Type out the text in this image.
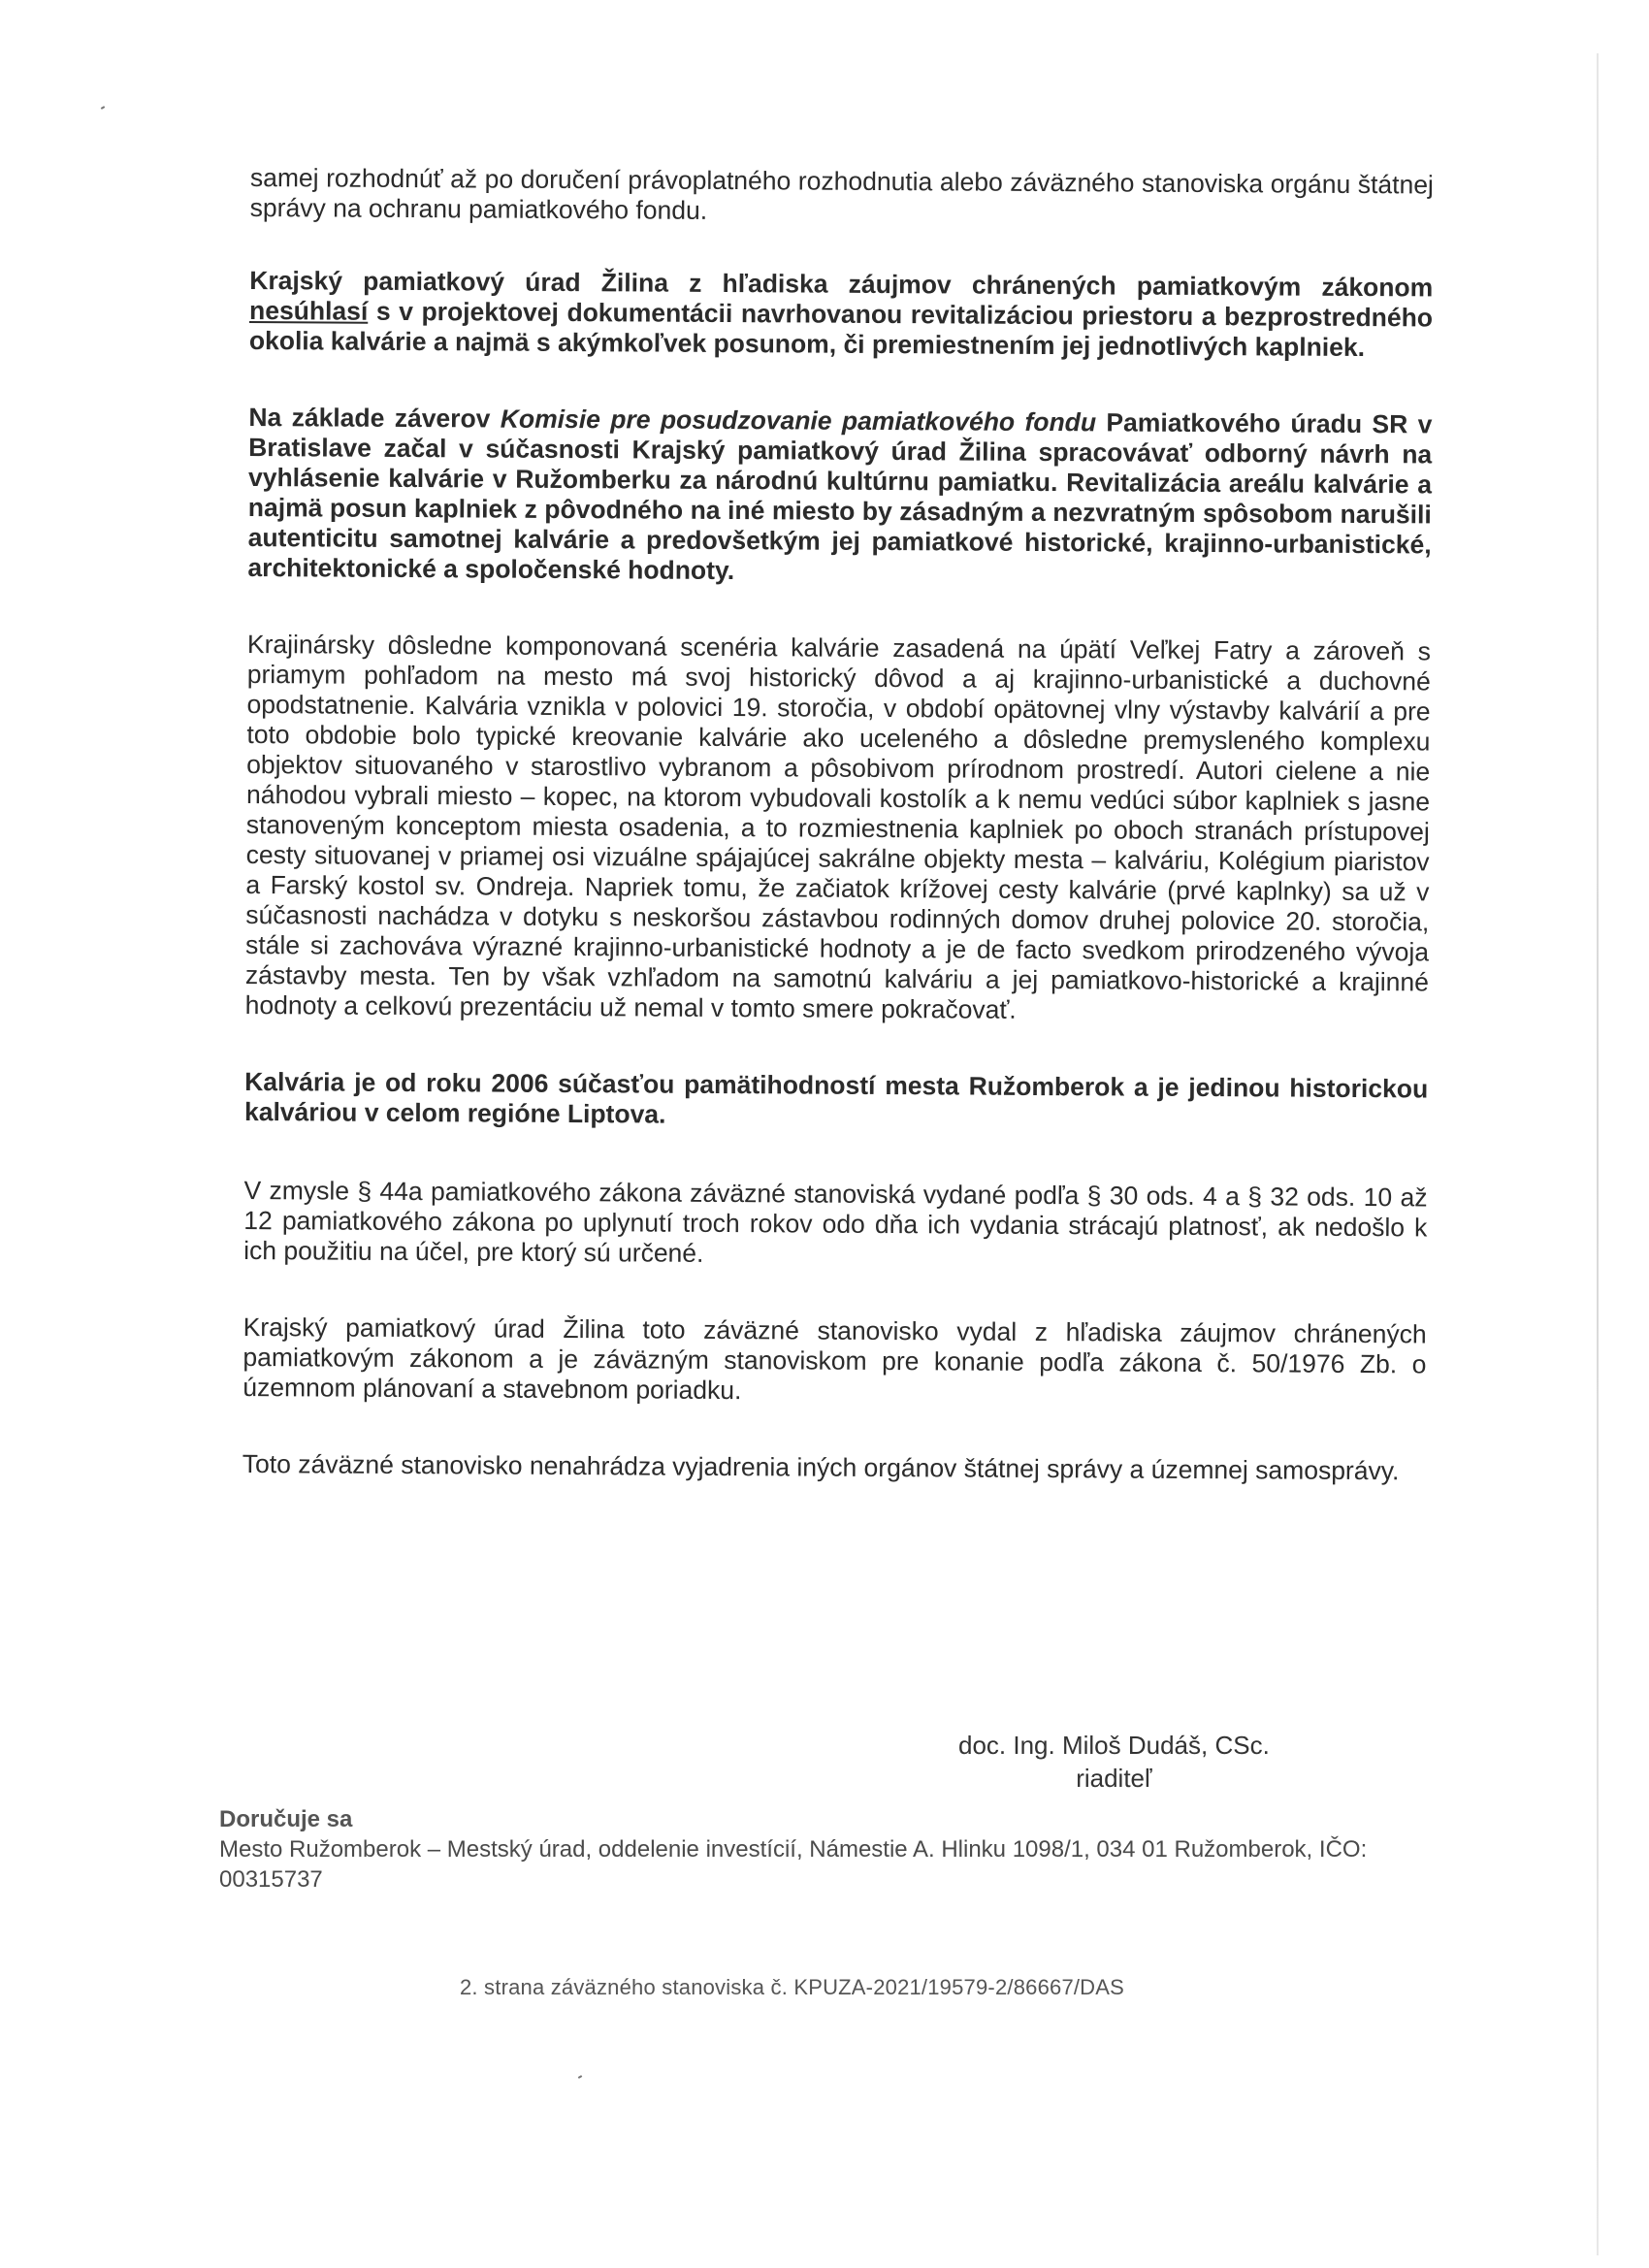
samej rozhodnúť až po doručení právoplatného rozhodnutia alebo záväzného stanoviska orgánu štátnej správy na ochranu pamiatkového fondu.

Krajský pamiatkový úrad Žilina z hľadiska záujmov chránených pamiatkovým zákonom nesúhlasí s v projektovej dokumentácii navrhovanou revitalizáciou priestoru a bezprostredného okolia kalvárie a najmä s akýmkoľvek posunom, či premiestnením jej jednotlivých kaplniek.

Na základe záverov Komisie pre posudzovanie pamiatkového fondu Pamiatkového úradu SR v Bratislave začal v súčasnosti Krajský pamiatkový úrad Žilina spracovávať odborný návrh na vyhlásenie kalvárie v Ružomberku za národnú kultúrnu pamiatku. Revitalizácia areálu kalvárie a najmä posun kaplniek z pôvodného na iné miesto by zásadným a nezvratným spôsobom narušili autenticitu samotnej kalvárie a predovšetkým jej pamiatkové historické, krajinno-urbanistické, architektonické a spoločenské hodnoty.

Krajinársky dôsledne komponovaná scenéria kalvárie zasadená na úpätí Veľkej Fatry a zároveň s priamym pohľadom na mesto má svoj historický dôvod a aj krajinno-urbanistické a duchovné opodstatnenie. Kalvária vznikla v polovici 19. storočia, v období opätovnej vlny výstavby kalvárií a pre toto obdobie bolo typické kreovanie kalvárie ako uceleného a dôsledne premysleného komplexu objektov situovaného v starostlivo vybranom a pôsobivom prírodnom prostredí. Autori cielene a nie náhodou vybrali miesto – kopec, na ktorom vybudovali kostolík a k nemu vedúci súbor kaplniek s jasne stanoveným konceptom miesta osadenia, a to rozmiestnenia kaplniek po oboch stranách prístupovej cesty situovanej v priamej osi vizuálne spájajúcej sakrálne objekty mesta – kalváriu, Kolégium piaristov a Farský kostol sv. Ondreja. Napriek tomu, že začiatok krížovej cesty kalvárie (prvé kaplnky) sa už v súčasnosti nachádza v dotyku s neskoršou zástavbou rodinných domov druhej polovice 20. storočia, stále si zachováva výrazné krajinno-urbanistické hodnoty a je de facto svedkom prirodzeného vývoja zástavby mesta. Ten by však vzhľadom na samotnú kalváriu a jej pamiatkovo-historické a krajinné hodnoty a celkovú prezentáciu už nemal v tomto smere pokračovať.

Kalvária je od roku 2006 súčasťou pamätihodností mesta Ružomberok a je jedinou historickou kalváriou v celom regióne Liptova.

V zmysle § 44a pamiatkového zákona záväzné stanoviská vydané podľa § 30 ods. 4 a § 32 ods. 10 až 12 pamiatkového zákona po uplynutí troch rokov odo dňa ich vydania strácajú platnosť, ak nedošlo k ich použitiu na účel, pre ktorý sú určené.

Krajský pamiatkový úrad Žilina toto záväzné stanovisko vydal z hľadiska záujmov chránených pamiatkovým zákonom a je záväzným stanoviskom pre konanie podľa zákona č. 50/1976 Zb. o územnom plánovaní a stavebnom poriadku.

Toto záväzné stanovisko nenahrádza vyjadrenia iných orgánov štátnej správy a územnej samosprávy.

doc. Ing. Miloš Dudáš, CSc.
riaditeľ
Doručuje sa
Mesto Ružomberok – Mestský úrad, oddelenie investícií, Námestie A. Hlinku 1098/1, 034 01 Ružomberok, IČO: 00315737
2. strana záväzného stanoviska č. KPUZA-2021/19579-2/86667/DAS
